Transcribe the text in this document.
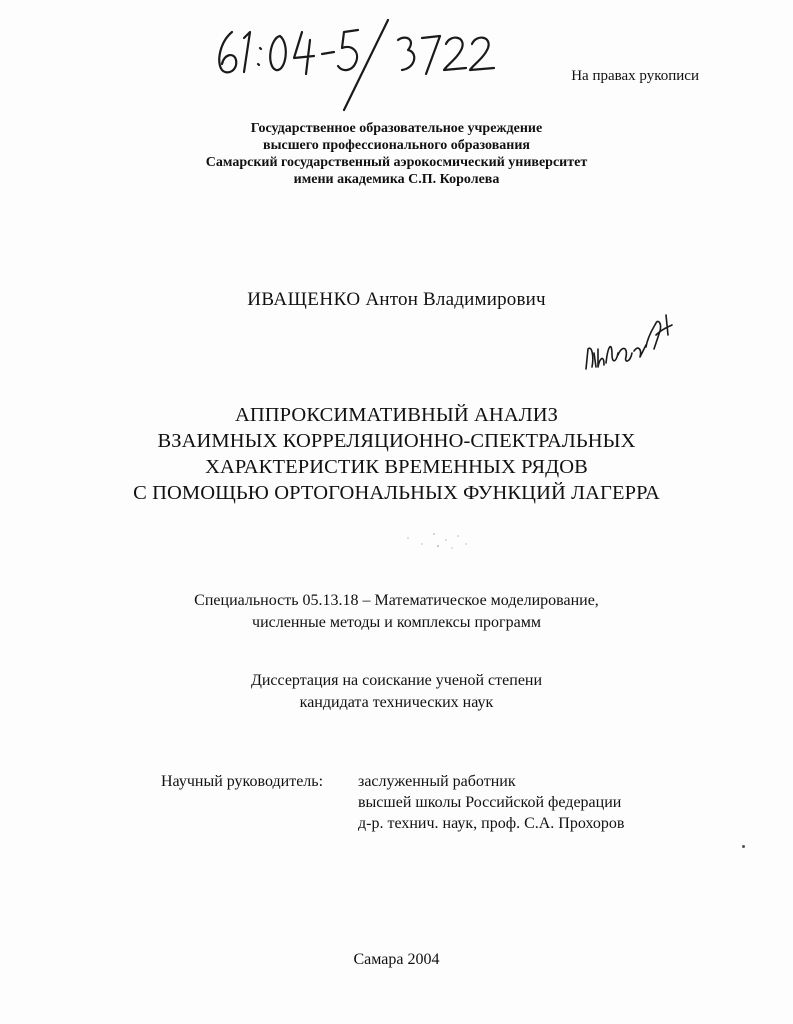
На правах рукописи
Государственное образовательное учреждение
высшего профессионального образования
Самарский государственный аэрокосмический университет
имени академика С.П. Королева
ИВАЩЕНКО Антон Владимирович
АППРОКСИМАТИВНЫЙ АНАЛИЗ
ВЗАИМНЫХ КОРРЕЛЯЦИОННО-СПЕКТРАЛЬНЫХ
ХАРАКТЕРИСТИК ВРЕМЕННЫХ РЯДОВ
С ПОМОЩЬЮ ОРТОГОНАЛЬНЫХ ФУНКЦИЙ ЛАГЕРРА
Специальность 05.13.18 – Математическое моделирование,
численные методы и комплексы программ
Диссертация на соискание ученой степени
кандидата технических наук
Научный руководитель: заслуженный работник
высшей школы Российской федерации
д-р. технич. наук, проф. С.А. Прохоров
Самара 2004
